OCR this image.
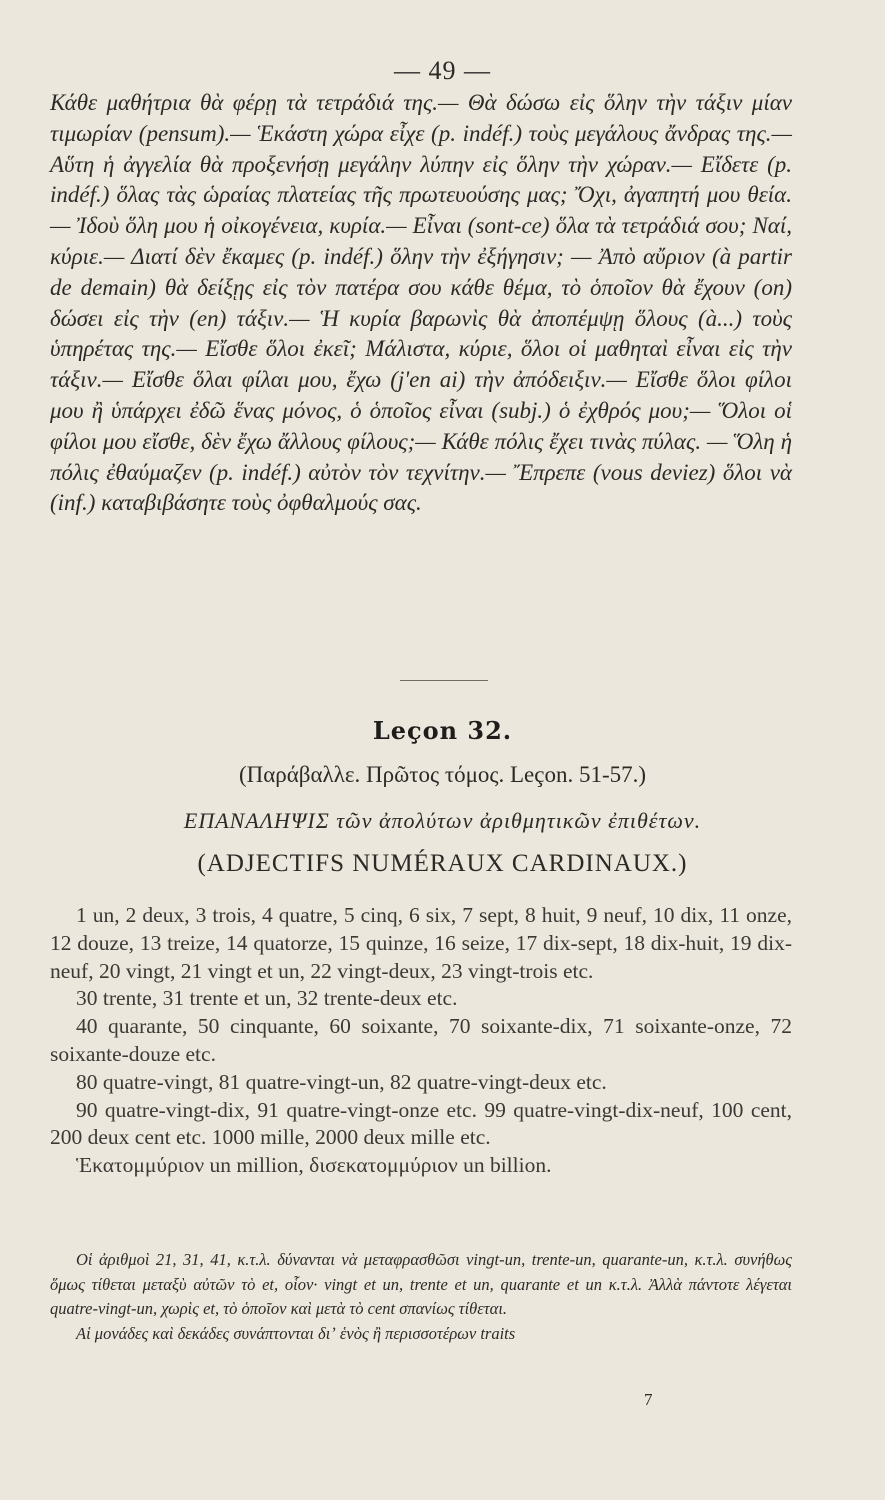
— 49 —

Κάθε μαθήτρια θὰ φέρῃ τὰ τετράδιά της.— Θὰ δώσω εἰς ὅλην τὴν τάξιν μίαν τιμωρίαν (pensum).— Ἑκάστη χώρα εἶχε (p. indéf.) τοὺς μεγάλους ἄνδρας της.— Αὕτη ἡ ἀγγελία θὰ προξενήσῃ μεγάλην λύπην εἰς ὅλην τὴν χώραν.— Εἴδετε (p. indéf.) ὅλας τὰς ὡραίας πλατείας τῆς πρωτευούσης μας; Ὄχι, ἀγαπητή μου θεία.— Ἰδοὺ ὅλη μου ἡ οἰκογένεια, κυρία.— Εἶναι (sont-ce) ὅλα τὰ τετράδιά σου; Ναί, κύριε.— Διατί δὲν ἔκαμες (p. indéf.) ὅλην τὴν ἐξήγησιν; — Ἀπὸ αὔριον (à partir de demain) θὰ δείξῃς εἰς τὸν πατέρα σου κάθε θέμα, τὸ ὁποῖον θὰ ἔχουν (on) δώσει εἰς τὴν (en) τάξιν.— Ἡ κυρία βαρωνὶς θὰ ἀποπέμψῃ ὅλους (à...) τοὺς ὑπηρέτας της.— Εἴσθε ὅλοι ἐκεῖ; Μάλιστα, κύριε, ὅλοι οἱ μαθηταὶ εἶναι εἰς τὴν τάξιν.— Εἴσθε ὅλαι φίλαι μου, ἔχω (j'en ai) τὴν ἀπόδειξιν.— Εἴσθε ὅλοι φίλοι μου ἢ ὑπάρχει ἐδῶ ἕνας μόνος, ὁ ὁποῖος εἶναι (subj.) ὁ ἐχθρός μου;— Ὅλοι οἱ φίλοι μου εἴσθε, δὲν ἔχω ἄλλους φίλους;— Κάθε πόλις ἔχει τινὰς πύλας. — Ὅλη ἡ πόλις ἐθαύμαζεν (p. indéf.) αὐτὸν τὸν τεχνίτην.— Ἔπρεπε (vous deviez) ὅλοι νὰ (inf.) καταβιβάσητε τοὺς ὀφθαλμούς σας.

Leçon 32.
(Παράβαλλε. Πρῶτος τόμος. Leçon. 51-57.)
ΕΠΑΝΑΛΗΨΙΣ τῶν ἀπολύτων ἀριθμητικῶν ἐπιθέτων.
(ADJECTIFS NUMÉRAUX CARDINAUX.)

1 un, 2 deux, 3 trois, 4 quatre, 5 cinq, 6 six, 7 sept, 8 huit, 9 neuf, 10 dix, 11 onze, 12 douze, 13 treize, 14 quatorze, 15 quinze, 16 seize, 17 dix-sept, 18 dix-huit, 19 dix-neuf, 20 vingt, 21 vingt et un, 22 vingt-deux, 23 vingt-trois etc.

30 trente, 31 trente et un, 32 trente-deux etc.

40 quarante, 50 cinquante, 60 soixante, 70 soixante-dix, 71 soixante-onze, 72 soixante-douze etc.

80 quatre-vingt, 81 quatre-vingt-un, 82 quatre-vingt-deux etc.

90 quatre-vingt-dix, 91 quatre-vingt-onze etc. 99 quatre-vingt-dix-neuf, 100 cent, 200 deux cent etc. 1000 mille, 2000 deux mille etc.

Ἑκατομμύριον un million, δισεκατομμύριον un billion.

Οἱ ἀριθμοὶ 21, 31, 41, κ.τ.λ. δύνανται νὰ μεταφρασθῶσι vingt-un, trente-un, quarante-un, κ.τ.λ. συνήθως ὅμως τίθεται μεταξὺ αὐτῶν τὸ et, οἷον· vingt et un, trente et un, quarante et un κ.τ.λ. Ἀλλὰ πάντοτε λέγεται quatre-vingt-un, χωρὶς et, τὸ ὁποῖον καὶ μετὰ τὸ cent σπανίως τίθεται.

Αἱ μονάδες καὶ δεκάδες συνάπτονται διʼ ἑνὸς ἢ περισσοτέρων traits

7
